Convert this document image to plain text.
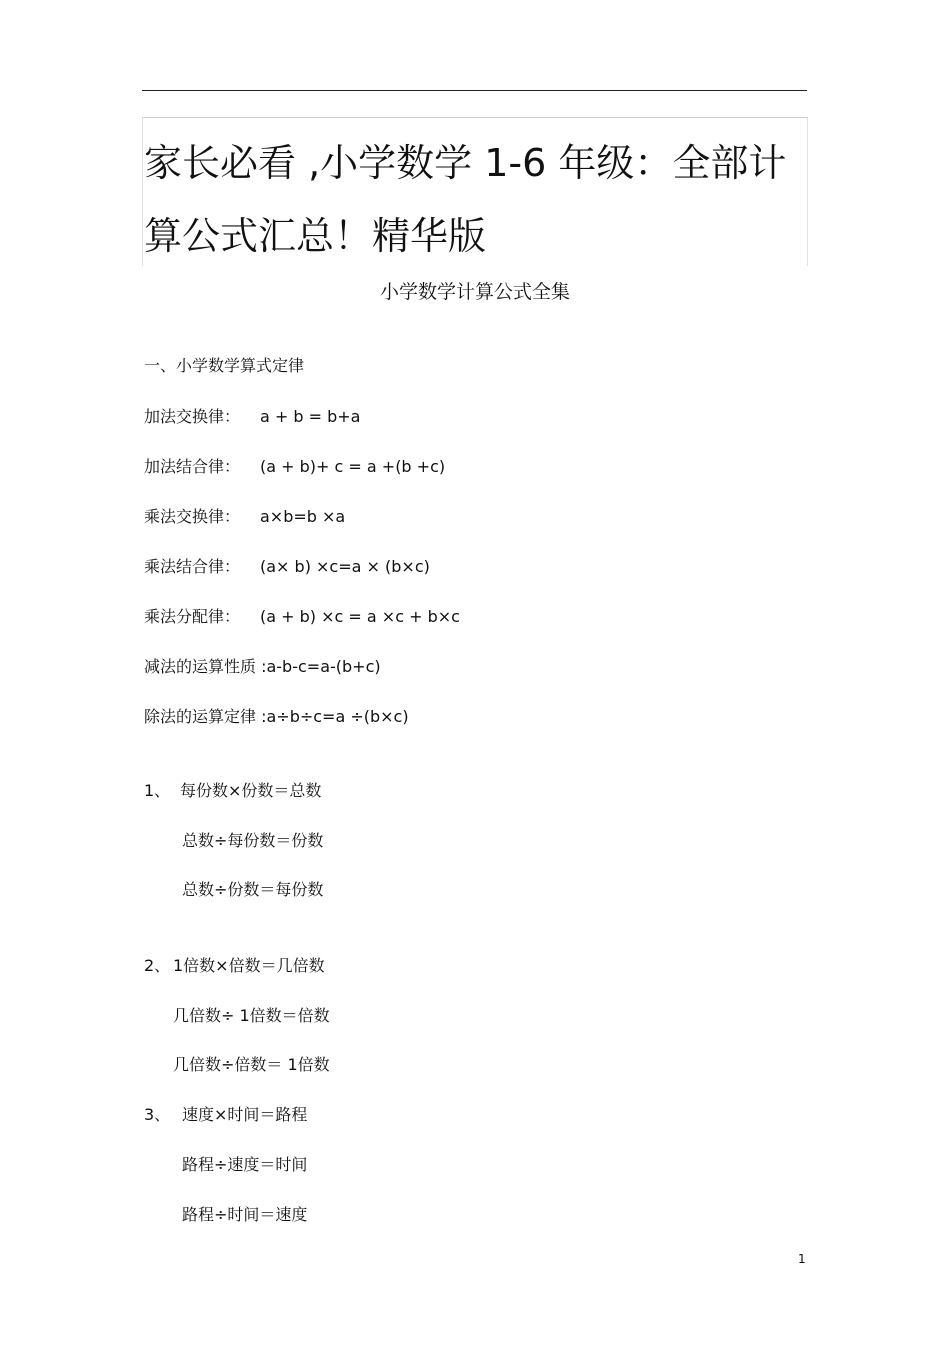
家长必看 ,小学数学 1-6 年级：全部计
算公式汇总！精华版
小学数学计算公式全集
一、小学数学算式定律
加法交换律： a + b = b+a
加法结合律： (a + b)+ c = a +(b +c)
乘法交换律： a×b=b ×a
乘法结合律： (a× b) ×c=a × (b×c)
乘法分配律： (a + b) ×c = a ×c + b×c
减法的运算性质 :a-b-c=a-(b+c)
除法的运算定律 :a÷b÷c=a ÷(b×c)
1、 每份数×份数＝总数
总数÷每份数＝份数
总数÷份数＝每份数
2、 1倍数×倍数＝几倍数
几倍数÷ 1倍数＝倍数
几倍数÷倍数＝ 1倍数
3、 速度×时间＝路程
路程÷速度＝时间
路程÷时间＝速度
1
